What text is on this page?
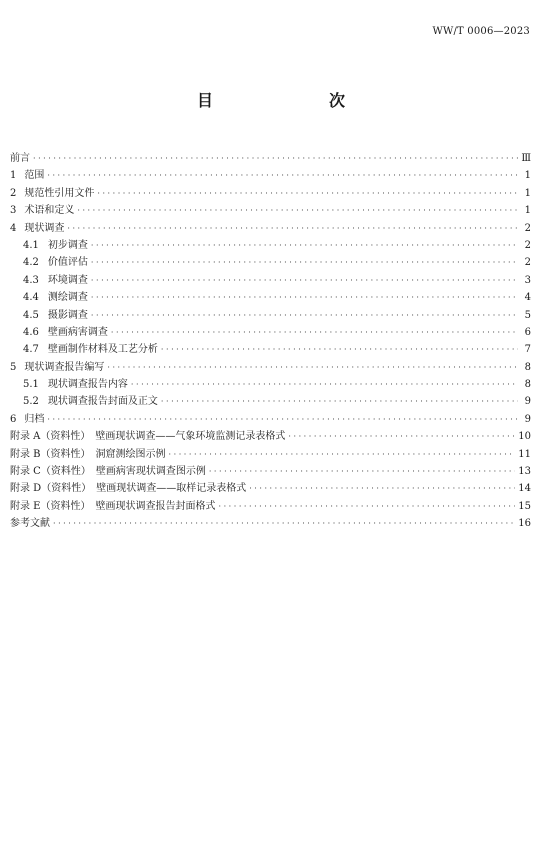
WW/T 0006—2023
目　　次
前言 · · ·	Ⅲ
1 范围 · · ·	1
2 规范性引用文件 · · ·	1
3 术语和定义 · · ·	1
4 现状调查 · · ·	2
4.1 初步调查 · · ·	2
4.2 价值评估 · · ·	2
4.3 环境调查 · · ·	3
4.4 测绘调查 · · ·	4
4.5 摄影调查 · · ·	5
4.6 壁画病害调查 · · ·	6
4.7 壁画制作材料及工艺分析 · · ·	7
5 现状调查报告编写 · · ·	8
5.1 现状调查报告内容 · · ·	8
5.2 现状调查报告封面及正文 · · ·	9
6 归档 · · ·	9
附录 A（资料性）　壁画现状调查——气象环境监测记录表格式 · · ·	10
附录 B（资料性）　洞窟测绘图示例 · · ·	11
附录 C（资料性）　壁画病害现状调查图示例 · · ·	13
附录 D（资料性）　壁画现状调查——取样记录表格式 · · ·	14
附录 E（资料性）　壁画现状调查报告封面格式 · · ·	15
参考文献 · · ·	16
